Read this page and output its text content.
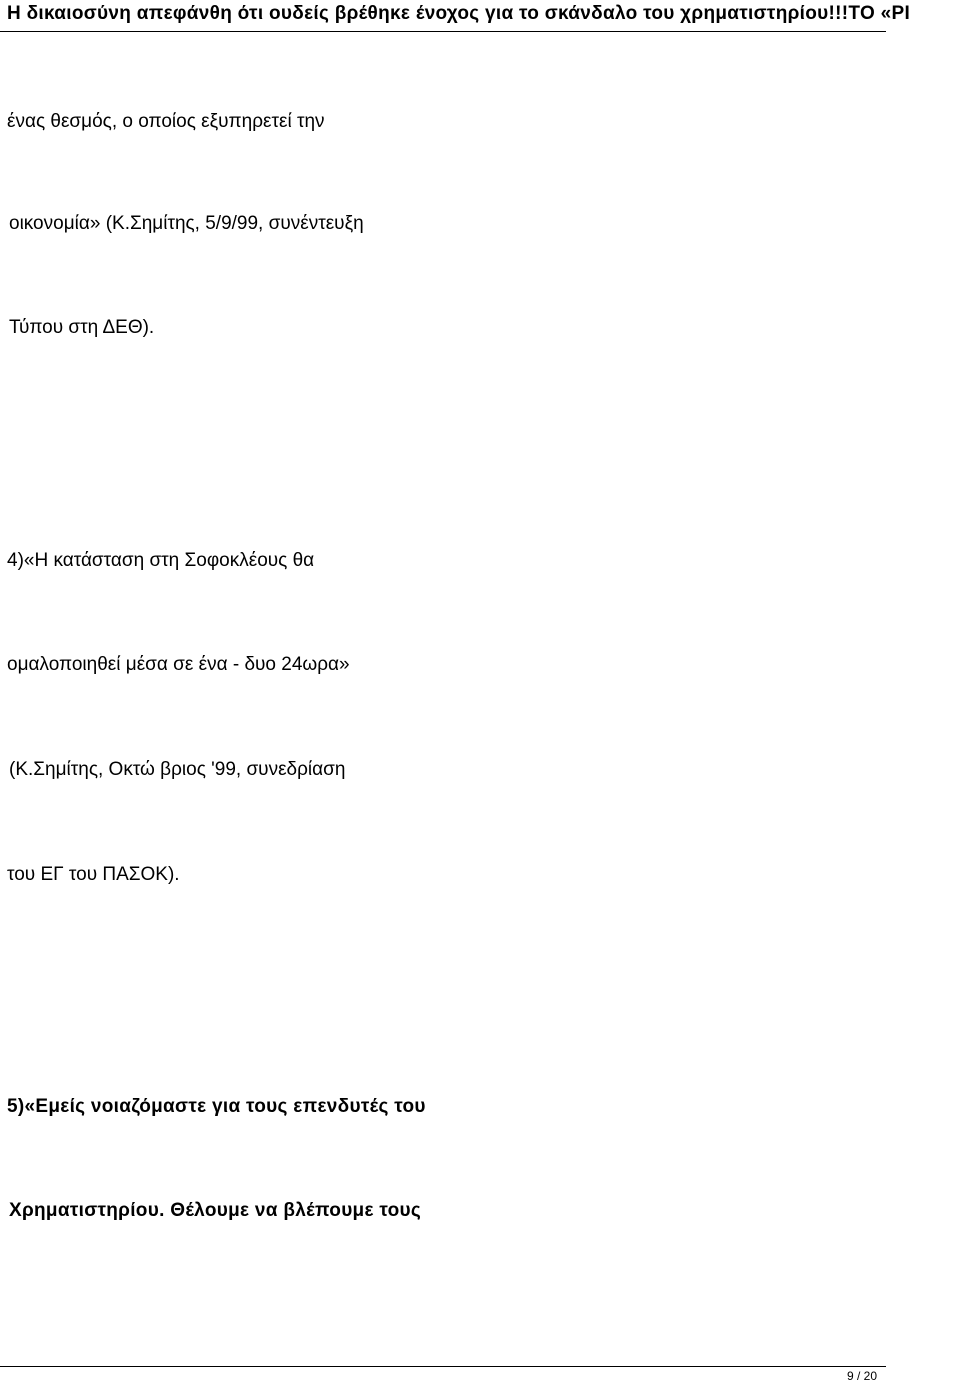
Η δικαιοσύνη απεφάνθη ότι ουδείς βρέθηκε ένοχος για το σκάνδαλο του χρηματιστηρίου!!!ΤΟ «ΡΙ
ένας θεσμός, ο οποίος εξυπηρετεί την
οικονομία» (Κ.Σημίτης, 5/9/99, συνέντευξη
Τύπου στη ΔΕΘ).
4)«Η κατάσταση στη Σοφοκλέους θα
ομαλοποιηθεί μέσα σε ένα - δυο 24ωρα»
(Κ.Σημίτης, Οκτώ βριος '99, συνεδρίαση
του ΕΓ του ΠΑΣΟΚ).
5)«Εμείς νοιαζόμαστε για τους επενδυτές του
Χρηματιστηρίου. Θέλουμε να βλέπουμε τους
9 / 20
